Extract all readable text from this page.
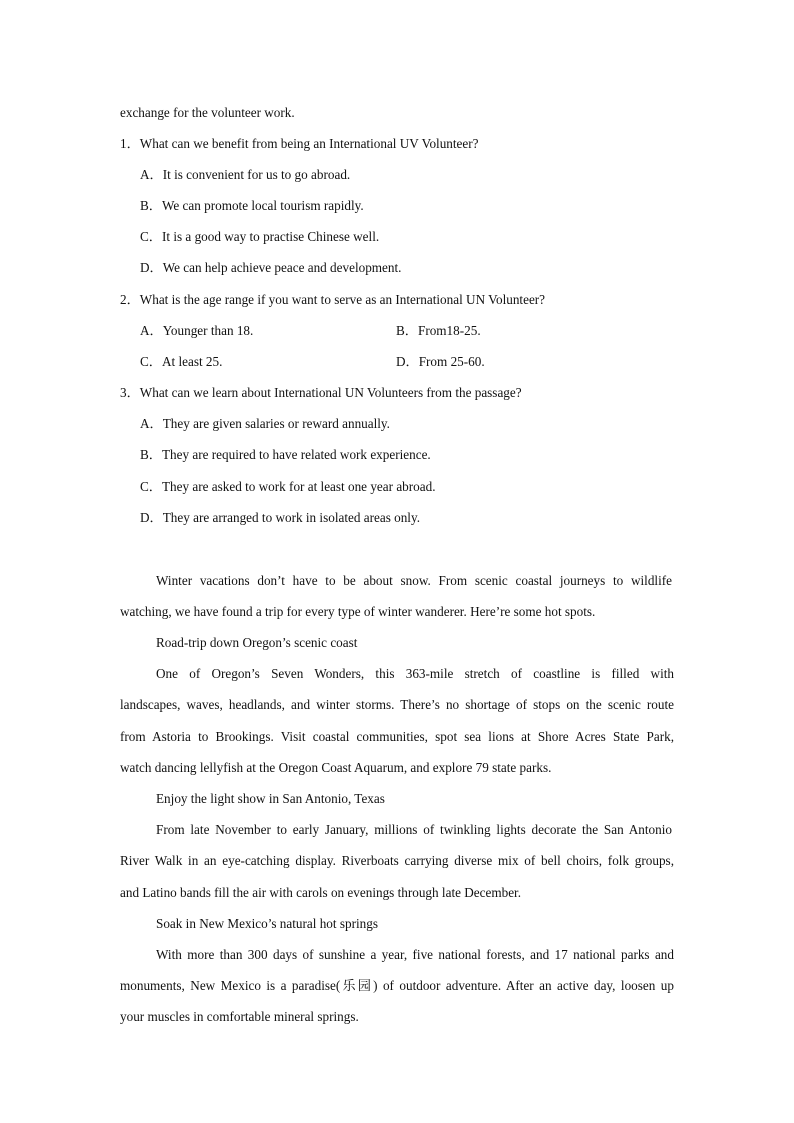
exchange for the volunteer work.
1．What can we benefit from being an International UV Volunteer?
A．It is convenient for us to go abroad.
B．We can promote local tourism rapidly.
C．It is a good way to practise Chinese well.
D．We can help achieve peace and development.
2．What is the age range if you want to serve as an International UN Volunteer?
A．Younger than 18.	B．From18-25.
C．At least 25.	D．From 25-60.
3．What can we learn about International UN Volunteers from the passage?
A．They are given salaries or reward annually.
B．They are required to have related work experience.
C．They are asked to work for at least one year abroad.
D．They are arranged to work in isolated areas only.
Winter vacations don’t have to be about snow. From scenic coastal journeys to wildlife
watching, we have found a trip for every type of winter wanderer. Here’re some hot spots.
Road-trip down Oregon’s scenic coast
One of Oregon’s Seven Wonders, this 363-mile stretch of coastline is filled with
landscapes, waves, headlands, and winter storms. There’s no shortage of stops on the scenic route
from Astoria to Brookings. Visit coastal communities, spot sea lions at Shore Acres State Park,
watch dancing lellyfish at the Oregon Coast Aquarum, and explore 79 state parks.
Enjoy the light show in San Antonio, Texas
From late November to early January, millions of twinkling lights decorate the San Antonio
River Walk in an eye-catching display. Riverboats carrying diverse mix of bell choirs, folk groups,
and Latino bands fill the air with carols on evenings through late December.
Soak in New Mexico’s natural hot springs
With more than 300 days of sunshine a year, five national forests, and 17 national parks and
monuments, New Mexico is a paradise(乐园) of outdoor adventure. After an active day, loosen up
your muscles in comfortable mineral springs.
